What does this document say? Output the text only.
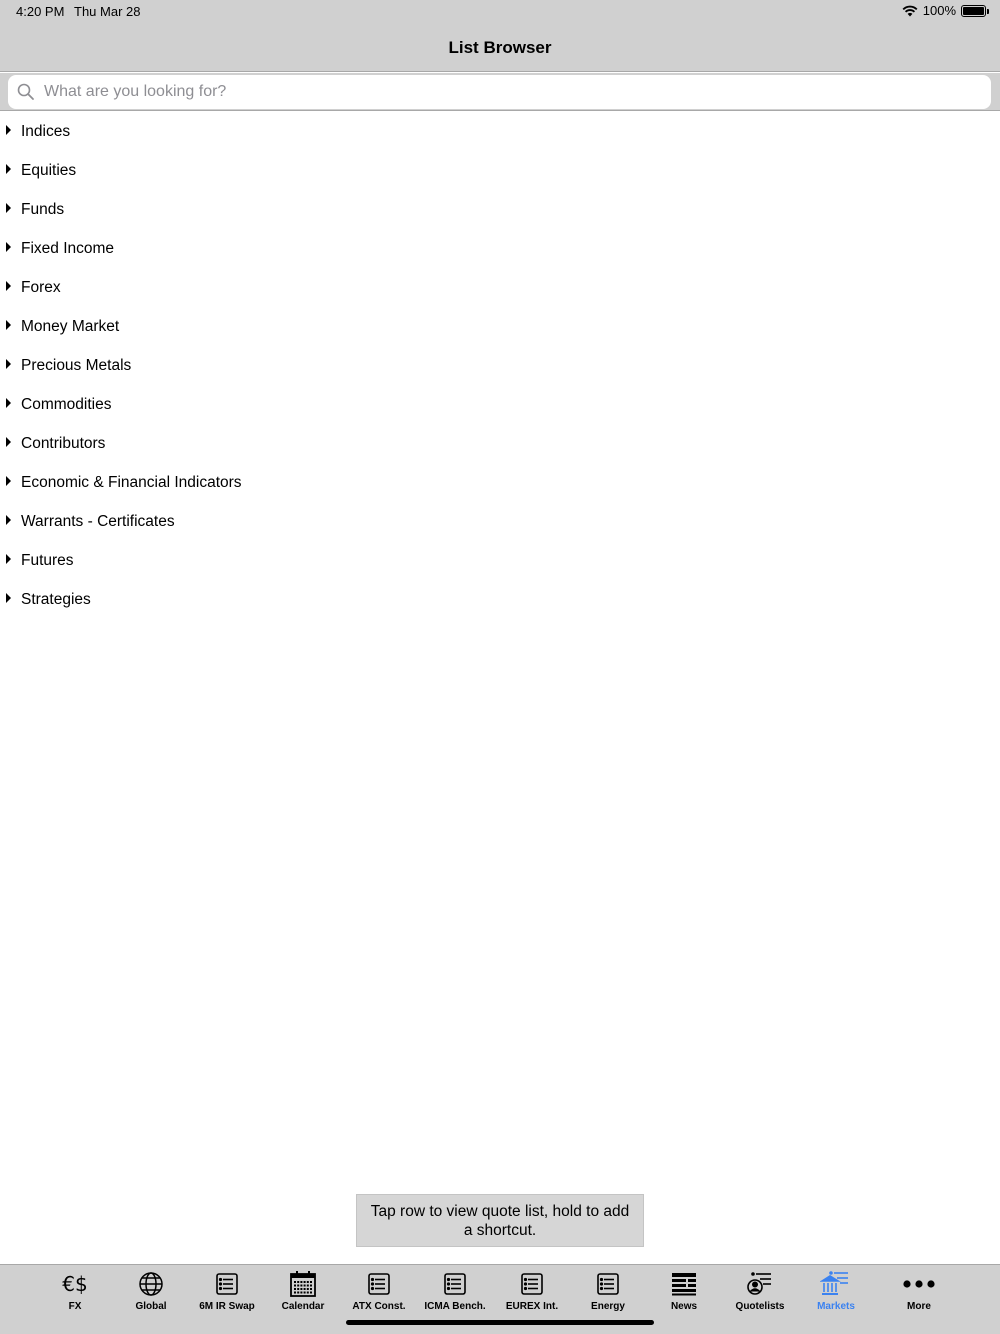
4:20 PM Thu Mar 28	100%
List Browser
What are you looking for?
Indices
Equities
Funds
Fixed Income
Forex
Money Market
Precious Metals
Commodities
Contributors
Economic & Financial Indicators
Warrants - Certificates
Futures
Strategies
Tap row to view quote list, hold to add a shortcut.
€$
FX	Global	6M IR Swap	Calendar	ATX Const. ICMA Bench. EUREX Int.	Energy	News	Quotelists	Markets	More
